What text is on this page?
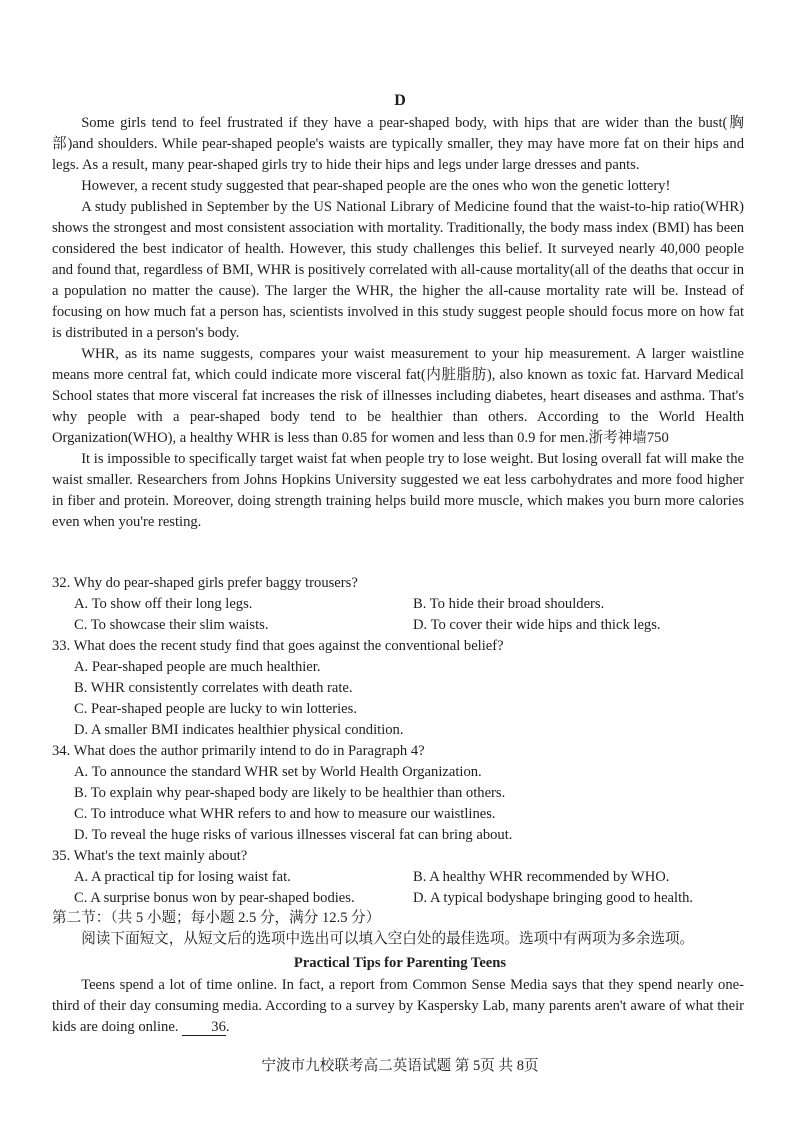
D

Some girls tend to feel frustrated if they have a pear-shaped body, with hips that are wider than the bust(胸部)and shoulders. While pear-shaped people's waists are typically smaller, they may have more fat on their hips and legs. As a result, many pear-shaped girls try to hide their hips and legs under large dresses and pants.

However, a recent study suggested that pear-shaped people are the ones who won the genetic lottery!

A study published in September by the US National Library of Medicine found that the waist-to-hip ratio(WHR) shows the strongest and most consistent association with mortality. Traditionally, the body mass index (BMI) has been considered the best indicator of health. However, this study challenges this belief. It surveyed nearly 40,000 people and found that, regardless of BMI, WHR is positively correlated with all-cause mortality(all of the deaths that occur in a population no matter the cause). The larger the WHR, the higher the all-cause mortality rate will be. Instead of focusing on how much fat a person has, scientists involved in this study suggest people should focus more on how fat is distributed in a person's body.

WHR, as its name suggests, compares your waist measurement to your hip measurement. A larger waistline means more central fat, which could indicate more visceral fat(内脏脂肪), also known as toxic fat. Harvard Medical School states that more visceral fat increases the risk of illnesses including diabetes, heart diseases and asthma. That's why people with a pear-shaped body tend to be healthier than others. According to the World Health Organization(WHO), a healthy WHR is less than 0.85 for women and less than 0.9 for men.浙考神墙750

It is impossible to specifically target waist fat when people try to lose weight. But losing overall fat will make the waist smaller. Researchers from Johns Hopkins University suggested we eat less carbohydrates and more food higher in fiber and protein. Moreover, doing strength training helps build more muscle, which makes you burn more calories even when you're resting.

32. Why do pear-shaped girls prefer baggy trousers?
A. To show off their long legs.	B. To hide their broad shoulders.
C. To showcase their slim waists.	D. To cover their wide hips and thick legs.
33. What does the recent study find that goes against the conventional belief?
A. Pear-shaped people are much healthier.
B. WHR consistently correlates with death rate.
C. Pear-shaped people are lucky to win lotteries.
D. A smaller BMI indicates healthier physical condition.
34. What does the author primarily intend to do in Paragraph 4?
A. To announce the standard WHR set by World Health Organization.
B. To explain why pear-shaped body are likely to be healthier than others.
C. To introduce what WHR refers to and how to measure our waistlines.
D. To reveal the huge risks of various illnesses visceral fat can bring about.
35. What's the text mainly about?
A. A practical tip for losing waist fat.	B. A healthy WHR recommended by WHO.
C. A surprise bonus won by pear-shaped bodies.	D. A typical bodyshape bringing good to health.
第二节：（共 5 小题；每小题 2.5 分，满分 12.5 分）
阅读下面短文，从短文后的选项中选出可以填入空白处的最佳选项。选项中有两项为多余选项。
Practical Tips for Parenting Teens

Teens spend a lot of time online. In fact, a report from Common Sense Media says that they spend nearly one-third of their day consuming media. According to a survey by Kaspersky Lab, many parents aren't aware of what their kids are doing online. 36.

宁波市九校联考高二英语试题 第 5页 共 8页
